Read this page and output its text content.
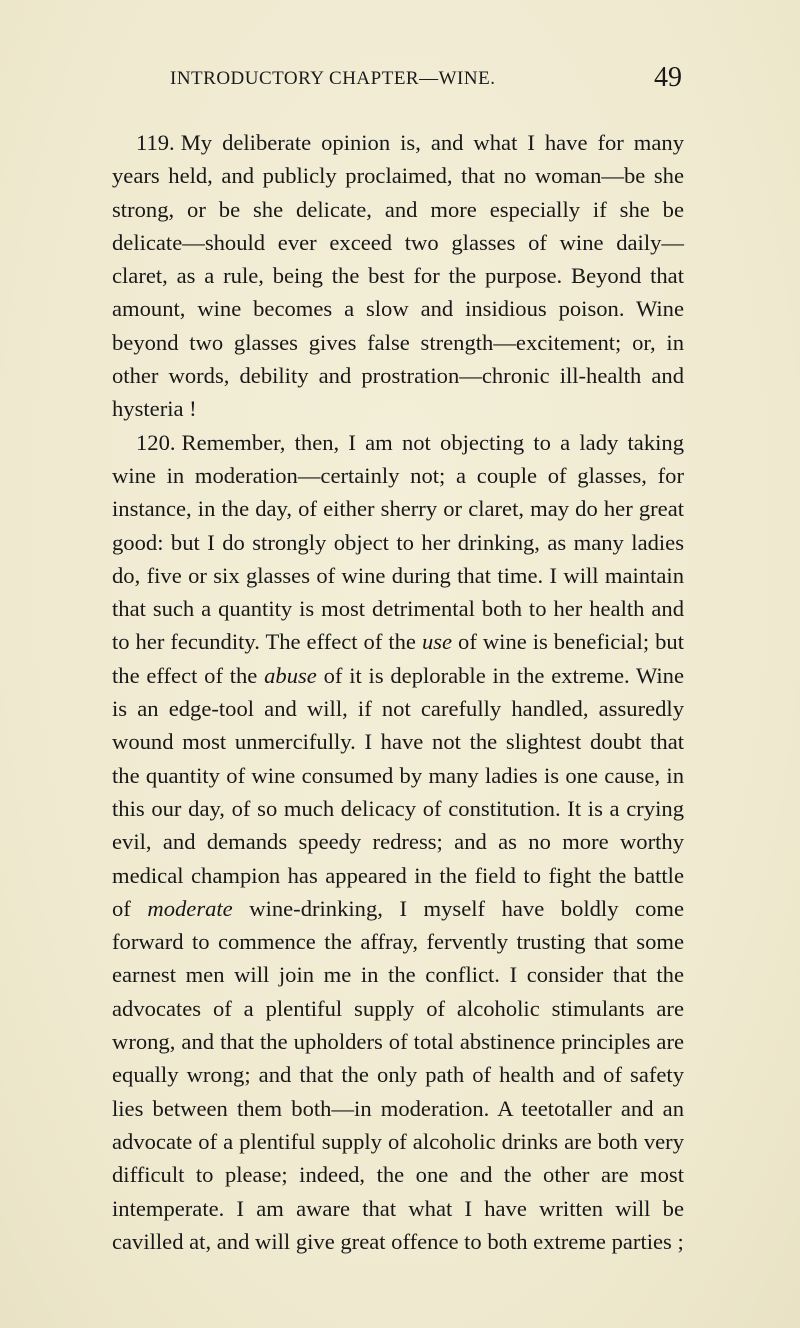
INTRODUCTORY CHAPTER—WINE.	49

119. My deliberate opinion is, and what I have for many years held, and publicly proclaimed, that no woman—be she strong, or be she delicate, and more especially if she be delicate—should ever exceed two glasses of wine daily—claret, as a rule, being the best for the purpose. Beyond that amount, wine becomes a slow and insidious poison. Wine beyond two glasses gives false strength—excitement; or, in other words, debility and prostration—chronic ill-health and hysteria !

120. Remember, then, I am not objecting to a lady taking wine in moderation—certainly not; a couple of glasses, for instance, in the day, of either sherry or claret, may do her great good: but I do strongly object to her drinking, as many ladies do, five or six glasses of wine during that time. I will maintain that such a quantity is most detrimental both to her health and to her fecundity. The effect of the use of wine is beneficial; but the effect of the abuse of it is deplorable in the extreme. Wine is an edge-tool and will, if not carefully handled, assuredly wound most unmercifully. I have not the slightest doubt that the quantity of wine consumed by many ladies is one cause, in this our day, of so much delicacy of constitution. It is a crying evil, and demands speedy redress; and as no more worthy medical champion has appeared in the field to fight the battle of moderate wine-drinking, I myself have boldly come forward to commence the affray, fervently trusting that some earnest men will join me in the conflict. I consider that the advocates of a plentiful supply of alcoholic stimulants are wrong, and that the upholders of total abstinence principles are equally wrong; and that the only path of health and of safety lies between them both—in moderation. A teetotaller and an advocate of a plentiful supply of alcoholic drinks are both very difficult to please; indeed, the one and the other are most intemperate. I am aware that what I have written will be cavilled at, and will give great offence to both extreme parties ;
